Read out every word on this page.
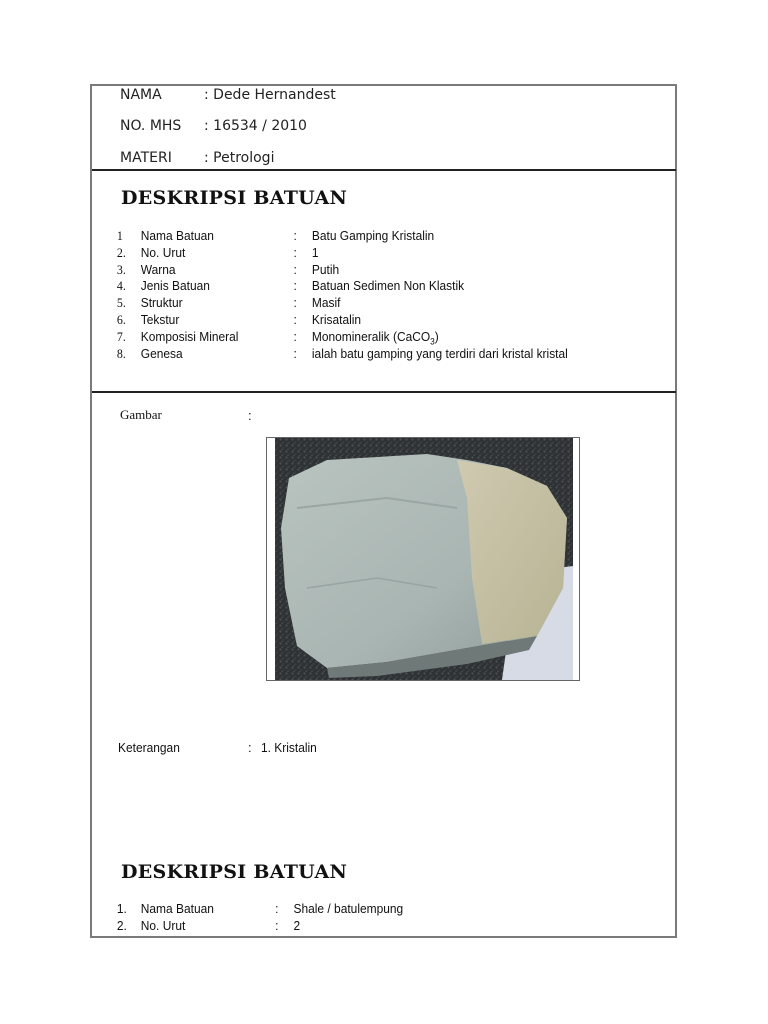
NAMA	: Dede Hernandest
NO. MHS : 16534 / 2010
MATERI : Petrologi
DESKRIPSI BATUAN
1 Nama Batuan	: Batu Gamping Kristalin
2. No. Urut	: 1
3. Warna	: Putih
4. Jenis Batuan	: Batuan Sedimen Non Klastik
5. Struktur	: Masif
6. Tekstur	: Krisatalin
7. Komposisi Mineral	: Monomineralik (CaCO$_3$)
8. Genesa	: ialah batu gamping yang terdiri dari kristal kristal
Gambar	:
Keterangan	: 1. Kristalin
DESKRIPSI BATUAN
1. Nama Batuan	: Shale / batulempung
2. No. Urut	: 2
